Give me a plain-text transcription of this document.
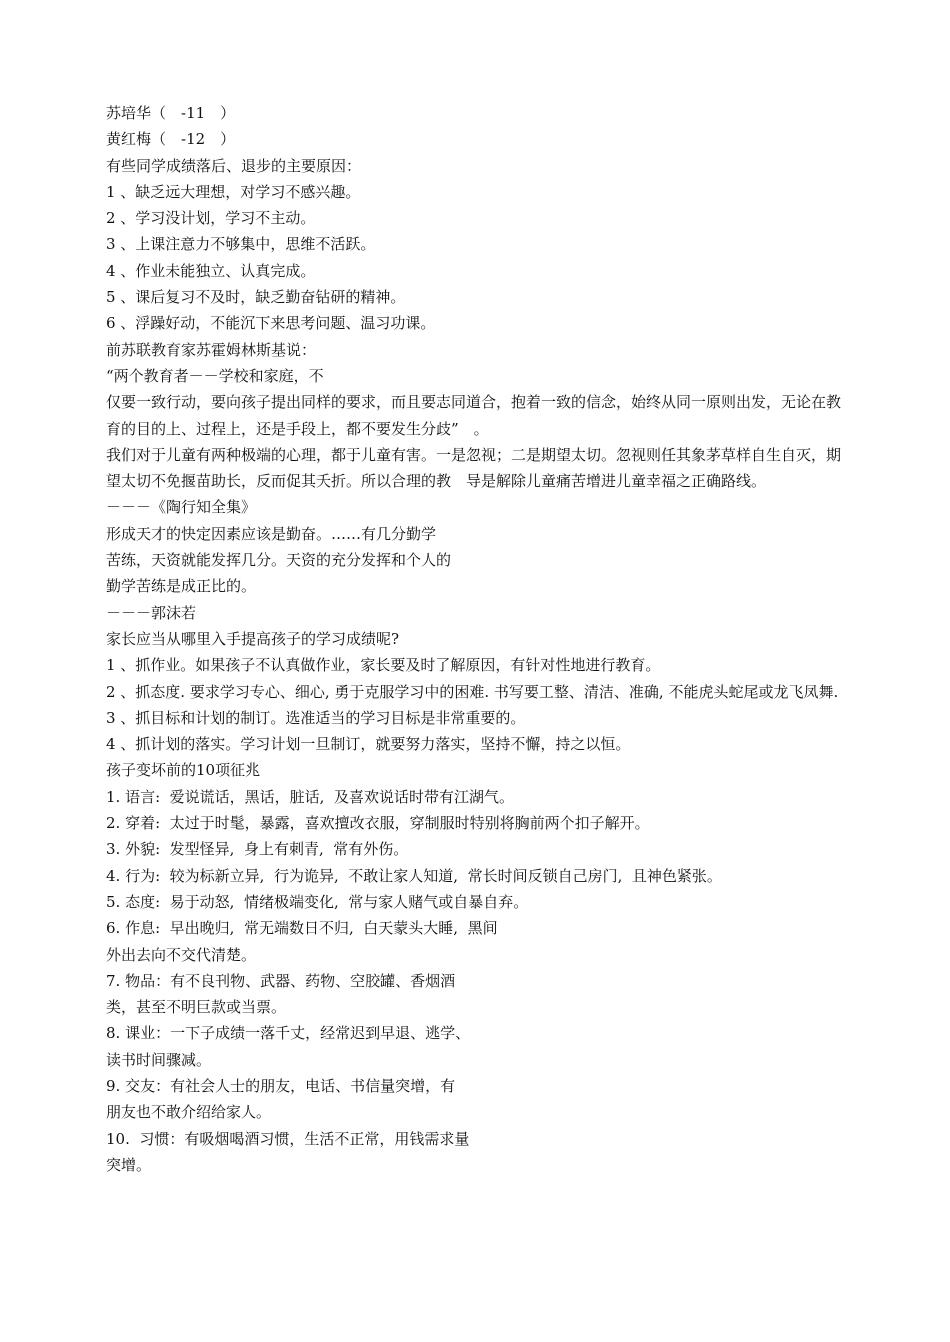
苏培华（　-11　）

黄红梅（　-12　）

有些同学成绩落后、退步的主要原因：

1 、缺乏远大理想，对学习不感兴趣。

2 、学习没计划，学习不主动。

3 、上课注意力不够集中，思维不活跃。

4 、作业未能独立、认真完成。

5 、课后复习不及时，缺乏勤奋钻研的精神。

6 、浮躁好动，不能沉下来思考问题、温习功课。

前苏联教育家苏霍姆林斯基说：

“两个教育者－－学校和家庭，不

仅要一致行动，要向孩子提出同样的要求，而且要志同道合，抱着一致的信念，始终从同一原则出发，无论在教育的目的上、过程上，还是手段上，都不要发生分歧”　。

我们对于儿童有两种极端的心理，都于儿童有害。一是忽视；二是期望太切。忽视则任其象茅草样自生自灭，期望太切不免揠苗助长，反而促其夭折。所以合理的教　导是解除儿童痛苦增进儿童幸福之正确路线。

－－－《陶行知全集》

形成天才的快定因素应该是勤奋。……有几分勤学

苦练，天资就能发挥几分。天资的充分发挥和个人的

勤学苦练是成正比的。

－－－郭沫若

家长应当从哪里入手提高孩子的学习成绩呢?

1 、抓作业。如果孩子不认真做作业，家长要及时了解原因，有针对性地进行教育。

2 、抓态度. 要求学习专心、细心, 勇于克服学习中的困难. 书写要工整、清洁、准确, 不能虎头蛇尾或龙飞凤舞.

3 、抓目标和计划的制订。选准适当的学习目标是非常重要的。

4 、抓计划的落实。学习计划一旦制订，就要努力落实，坚持不懈，持之以恒。

孩子变坏前的10项征兆

1. 语言:  爱说谎话，黑话，脏话,  及喜欢说话时带有江湖气。

2. 穿着:  太过于时髦，暴露，喜欢擅改衣服，穿制服时特别将胸前两个扣子解开。

3. 外貌:  发型怪异,  身上有刺青,  常有外伤。

4. 行为:  较为标新立异,  行为诡异,  不敢让家人知道,  常长时间反锁自己房门,  且神色紧张。

5. 态度:  易于动怒,  情绪极端变化,  常与家人赌气或自暴自弃。

6. 作息:  早出晚归,  常无端数日不归,  白天蒙头大睡,  黑间

外出去向不交代清楚。

7. 物品：有不良刊物、武器、药物、空胶罐、香烟酒

类，甚至不明巨款或当票。

8. 课业：一下子成绩一落千丈，经常迟到早退、逃学、

读书时间骤减。

9. 交友：有社会人士的朋友，电话、书信量突增，有

朋友也不敢介绍给家人。

10.  习惯：有吸烟喝酒习惯，生活不正常，用钱需求量

突增。
